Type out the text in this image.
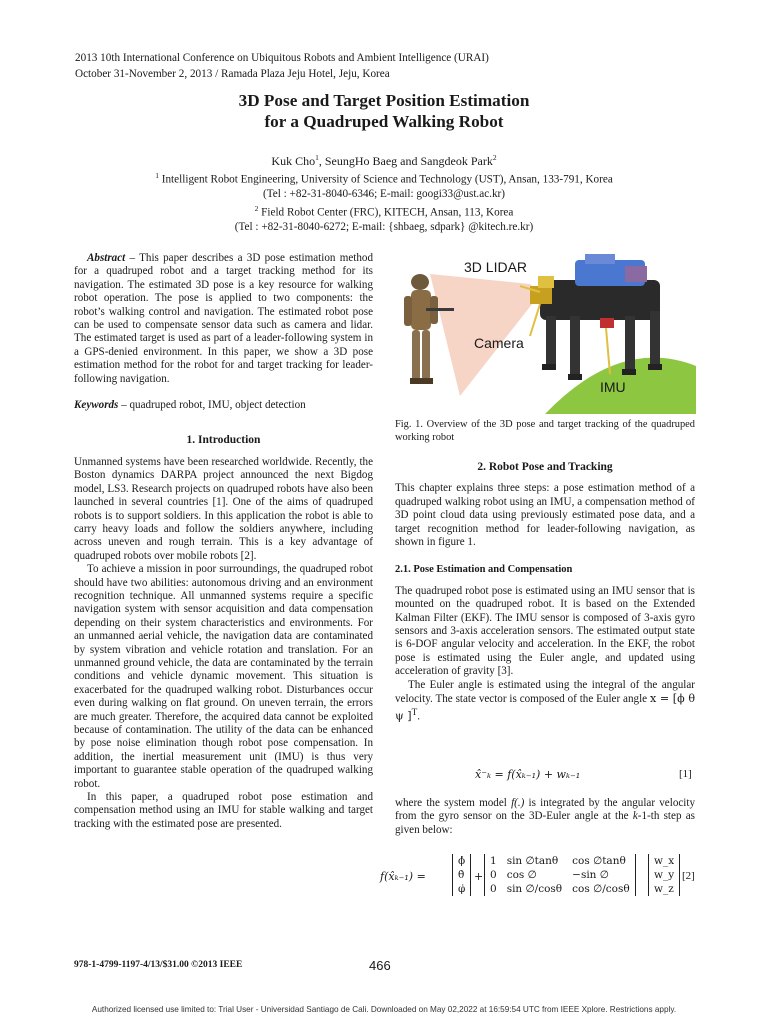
2013 10th International Conference on Ubiquitous Robots and Ambient Intelligence (URAI)
October 31-November 2, 2013 / Ramada Plaza Jeju Hotel, Jeju, Korea
3D Pose and Target Position Estimation
for a Quadruped Walking Robot
Kuk Cho$^1$, SeungHo Baeg and Sangdeok Park$^2$
$^1$ Intelligent Robot Engineering, University of Science and Technology (UST), Ansan, 133-791, Korea
(Tel : +82-31-8040-6346; E-mail: googi33@ust.ac.kr)
$^2$ Field Robot Center (FRC), KITECH, Ansan, 113, Korea
(Tel : +82-31-8040-6272; E-mail: {shbaeg, sdpark} @kitech.re.kr)

Abstract – This paper describes a 3D pose estimation method for a quadruped robot and a target tracking method for its navigation. The estimated 3D pose is a key resource for walking robot operation. The pose is applied to two components: the robot’s walking control and navigation. The estimated robot pose can be used to compensate sensor data such as camera and lidar. The estimated target is used as part of a leader-following system in a GPS-denied environment. In this paper, we show a 3D pose estimation method for the robot for and target tracking for leader-following navigation.

Keywords – quadruped robot, IMU, object detection

1. Introduction

Unmanned systems have been researched worldwide. Recently, the Boston dynamics DARPA project announced the next Bigdog model, LS3. Research projects on quadruped robots have also been launched in several countries [1]. One of the aims of quadruped robots is to support soldiers. In this application the robot is able to carry heavy loads and follow the soldiers anywhere, including across uneven and rough terrain. This is a key advantage of quadruped robots over mobile robots [2].

To achieve a mission in poor surroundings, the quadruped robot should have two abilities: autonomous driving and an environment recognition technique. All unmanned systems require a specific navigation system with sensor acquisition and data compensation depending on their system characteristics and environments. For an unmanned aerial vehicle, the navigation data are contaminated by system vibration and vehicle rotation and translation. For an unmanned ground vehicle, the data are contaminated by the terrain conditions and vehicle dynamic movement. This situation is exacerbated for the quadruped walking robot. Disturbances occur even during walking on flat ground. On uneven terrain, the errors are much greater. Therefore, the acquired data cannot be exploited because of contamination. The utility of the data can be enhanced by pose noise elimination though robot pose compensation. In addition, the inertial measurement unit (IMU) is thus very important to guarantee stable operation of the quadruped walking robot.

In this paper, a quadruped robot pose estimation and compensation method using an IMU for stable walking and target tracking with the estimated pose are presented.

3D LIDAR
Camera
IMU
Fig. 1. Overview of the 3D pose and target tracking of the quadruped working robot
2. Robot Pose and Tracking

This chapter explains three steps: a pose estimation method of a quadruped walking robot using an IMU, a compensation method of 3D point cloud data using previously estimated pose data, and a target recognition method for leader-following navigation, as shown in figure 1.

2.1. Pose Estimation and Compensation

The quadruped robot pose is estimated using an IMU sensor that is mounted on the quadruped robot. It is based on the Extended Kalman Filter (EKF). The IMU sensor is composed of 3-axis gyro sensors and 3-axis acceleration sensors. The estimated output state is 6-DOF angular velocity and acceleration. In the EKF, the robot pose is estimated using the Euler angle, and updated using acceleration of gravity [3].

The Euler angle is estimated using the integral of the angular velocity. The state vector is composed of the Euler angle x = [ϕ θ ψ ]$^T$.

x̂⁻ₖ = f(x̂ₖ₋₁) + wₖ₋₁	[1]

where the system model f(.) is integrated by the angular velocity from the gyro sensor on the 3D-Euler angle at the k-1-th step as given below:

f(x̂ₖ₋₁) =
ϕ̇
θ̇
φ̇
+
1	sin ∅tanθ	cos ∅tanθ
0	cos ∅	−sin ∅
0	sin ∅/cosθ	cos ∅/cosθ
w_x
w_y
w_z
[2]
978-1-4799-1197-4/13/$31.00 ©2013 IEEE	466
Authorized licensed use limited to: Trial User - Universidad Santiago de Cali. Downloaded on May 02,2022 at 16:59:54 UTC from IEEE Xplore. Restrictions apply.
